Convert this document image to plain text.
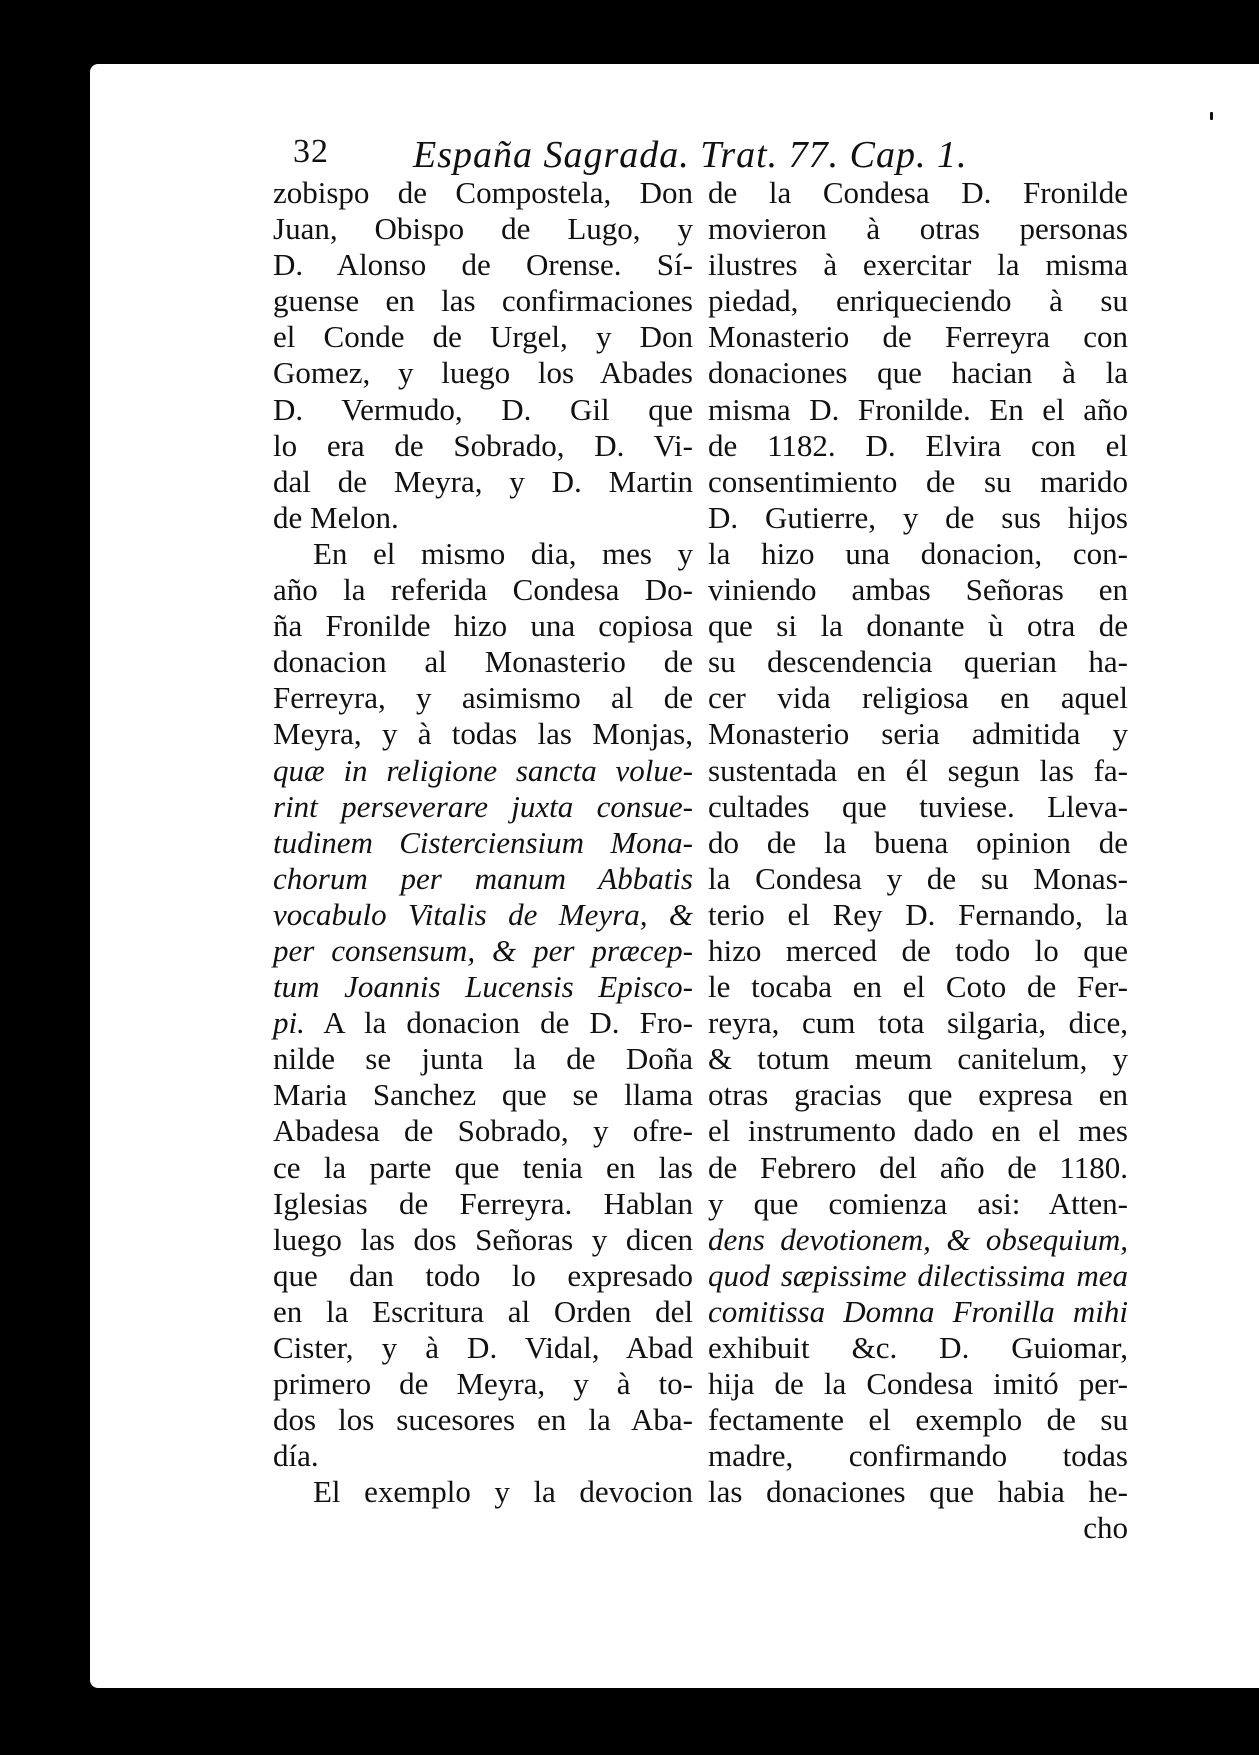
32 España Sagrada. Trat. 77. Cap. 1.
zobispo de Compostela, Don
Juan, Obispo de Lugo, y
D. Alonso de Orense. Sí-
guense en las confirmaciones
el Conde de Urgel, y Don
Gomez, y luego los Abades
D. Vermudo, D. Gil que
lo era de Sobrado, D. Vi-
dal de Meyra, y D. Martin
de Melon.
En el mismo dia, mes y
año la referida Condesa Do-
ña Fronilde hizo una copiosa
donacion al Monasterio de
Ferreyra, y asimismo al de
Meyra, y à todas las Monjas,
quæ in religione sancta volue-
rint perseverare juxta consue-
tudinem Cisterciensium Mona-
chorum per manum Abbatis
vocabulo Vitalis de Meyra, &
per consensum, & per præcep-
tum Joannis Lucensis Episco-
pi. A la donacion de D. Fro-
nilde se junta la de Doña
Maria Sanchez que se llama
Abadesa de Sobrado, y ofre-
ce la parte que tenia en las
Iglesias de Ferreyra. Hablan
luego las dos Señoras y dicen
que dan todo lo expresado
en la Escritura al Orden del
Cister, y à D. Vidal, Abad
primero de Meyra, y à to-
dos los sucesores en la Aba-
día.
El exemplo y la devocion
de la Condesa D. Fronilde
movieron à otras personas
ilustres à exercitar la misma
piedad, enriqueciendo à su
Monasterio de Ferreyra con
donaciones que hacian à la
misma D. Fronilde. En el año
de 1182. D. Elvira con el
consentimiento de su marido
D. Gutierre, y de sus hijos
la hizo una donacion, con-
viniendo ambas Señoras en
que si la donante ù otra de
su descendencia querian ha-
cer vida religiosa en aquel
Monasterio seria admitida y
sustentada en él segun las fa-
cultades que tuviese. Lleva-
do de la buena opinion de
la Condesa y de su Monas-
terio el Rey D. Fernando, la
hizo merced de todo lo que
le tocaba en el Coto de Fer-
reyra, cum tota silgaria, dice,
& totum meum canitelum, y
otras gracias que expresa en
el instrumento dado en el mes
de Febrero del año de 1180.
y que comienza asi: Atten-
dens devotionem, & obsequium,
quod sæpissime dilectissima mea
comitissa Domna Fronilla mihi
exhibuit &c. D. Guiomar,
hija de la Condesa imitó per-
fectamente el exemplo de su
madre, confirmando todas
las donaciones que habia he-
cho
